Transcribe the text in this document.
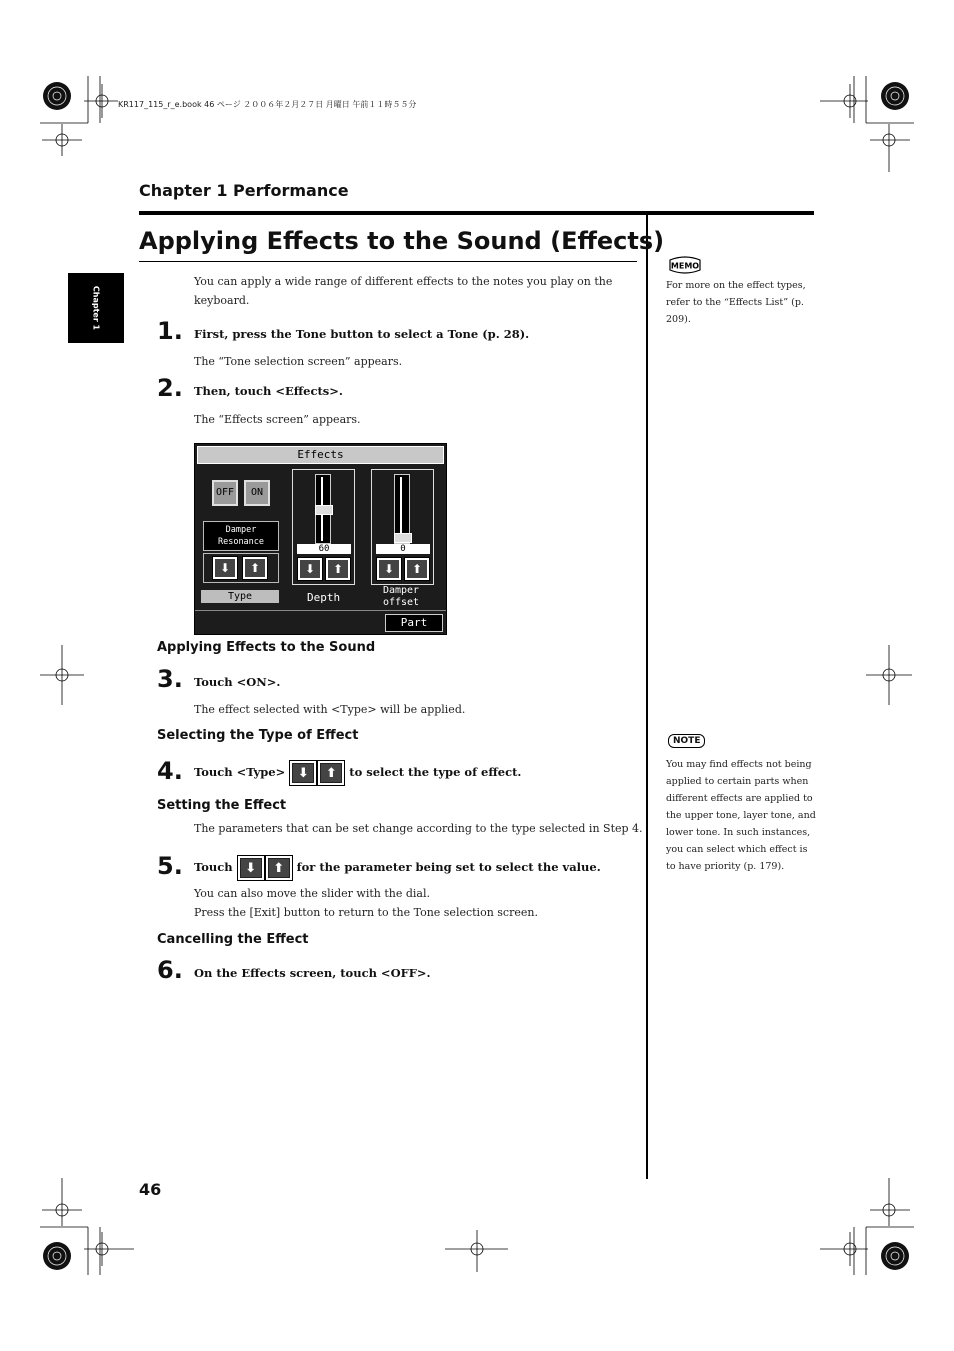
KR117_115_r_e.book 46 ページ ２００６年２月２７日 月曜日 午前１１時５５分
Chapter 1 Performance
Chapter 1
Applying Effects to the Sound (Effects)
You can apply a wide range of different effects to the notes you play on the
keyboard.
1. First, press the Tone button to select a Tone (p. 28).
The “Tone selection screen” appears.
2. Then, touch <Effects>.
The “Effects screen” appears.
Effects
OFF	ON
Damper
Resonance
⬇	⬆
Type
60
⬇	⬆
Depth
0
⬇	⬆
Damper
offset
Part
Applying Effects to the Sound
3. Touch <ON>.
The effect selected with <Type> will be applied.
Selecting the Type of Effect
4. Touch <Type> ⬇	⬆	to select the type of effect.
Setting the Effect
The parameters that can be set change according to the type selected in Step 4.
5. Touch ⬇	⬆	for the parameter being set to select the value.
You can also move the slider with the dial.
Press the [Exit] button to return to the Tone selection screen.
Cancelling the Effect
6. On the Effects screen, touch <OFF>.
MEMO
For more on the effect types,
refer to the “Effects List” (p.
209).
NOTE
You may find effects not being
applied to certain parts when
different effects are applied to
the upper tone, layer tone, and
lower tone. In such instances,
you can select which effect is
to have priority (p. 179).
46
